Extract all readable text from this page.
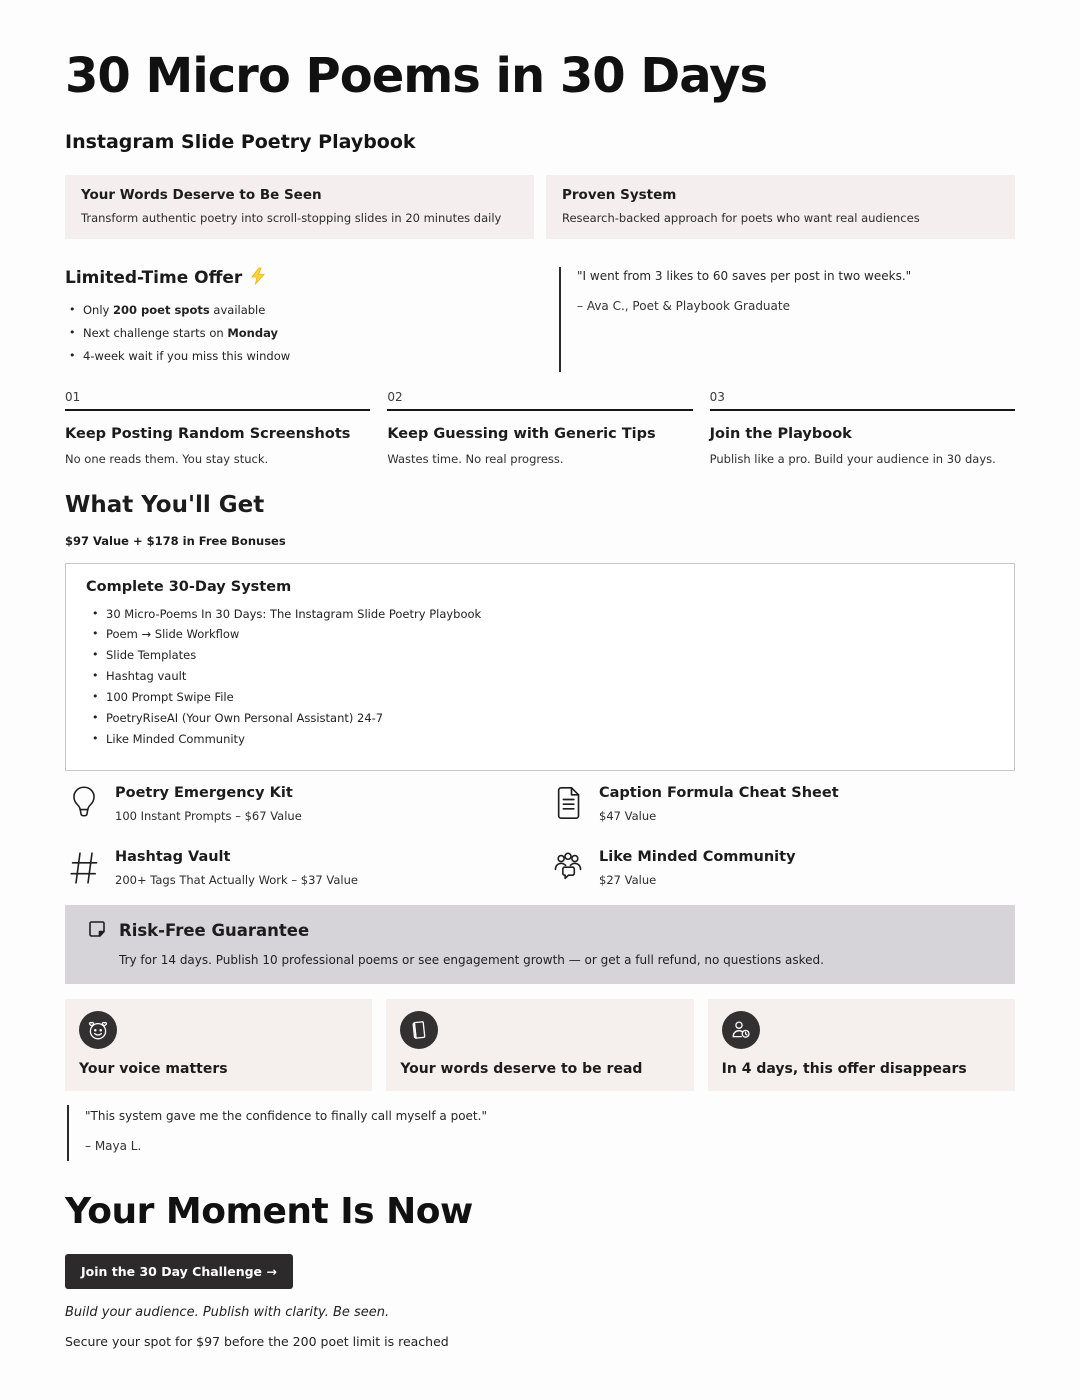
30 Micro Poems in 30 Days
Instagram Slide Poetry Playbook
Your Words Deserve to Be Seen
Transform authentic poetry into scroll-stopping slides in 20 minutes daily
Proven System
Research-backed approach for poets who want real audiences
Limited-Time Offer
• Only 200 poet spots available
• Next challenge starts on Monday
• 4-week wait if you miss this window
"I went from 3 likes to 60 saves per post in two weeks."
– Ava C., Poet & Playbook Graduate
01
Keep Posting Random Screenshots
No one reads them. You stay stuck.
02
Keep Guessing with Generic Tips
Wastes time. No real progress.
03
Join the Playbook
Publish like a pro. Build your audience in 30 days.
What You'll Get
$97 Value + $178 in Free Bonuses
Complete 30-Day System
• 30 Micro-Poems In 30 Days: The Instagram Slide Poetry Playbook
• Poem → Slide Workflow
• Slide Templates
• Hashtag vault
• 100 Prompt Swipe File
• PoetryRiseAI (Your Own Personal Assistant) 24-7
• Like Minded Community
Poetry Emergency Kit
100 Instant Prompts – $67 Value
Caption Formula Cheat Sheet
$47 Value
Hashtag Vault
200+ Tags That Actually Work – $37 Value
Like Minded Community
$27 Value
Risk-Free Guarantee
Try for 14 days. Publish 10 professional poems or see engagement growth — or get a full refund, no questions asked.
Your voice matters	Your words deserve to be read	In 4 days, this offer disappears
"This system gave me the confidence to finally call myself a poet."
– Maya L.
Your Moment Is Now
Join the 30 Day Challenge →
Build your audience. Publish with clarity. Be seen.
Secure your spot for $97 before the 200 poet limit is reached
